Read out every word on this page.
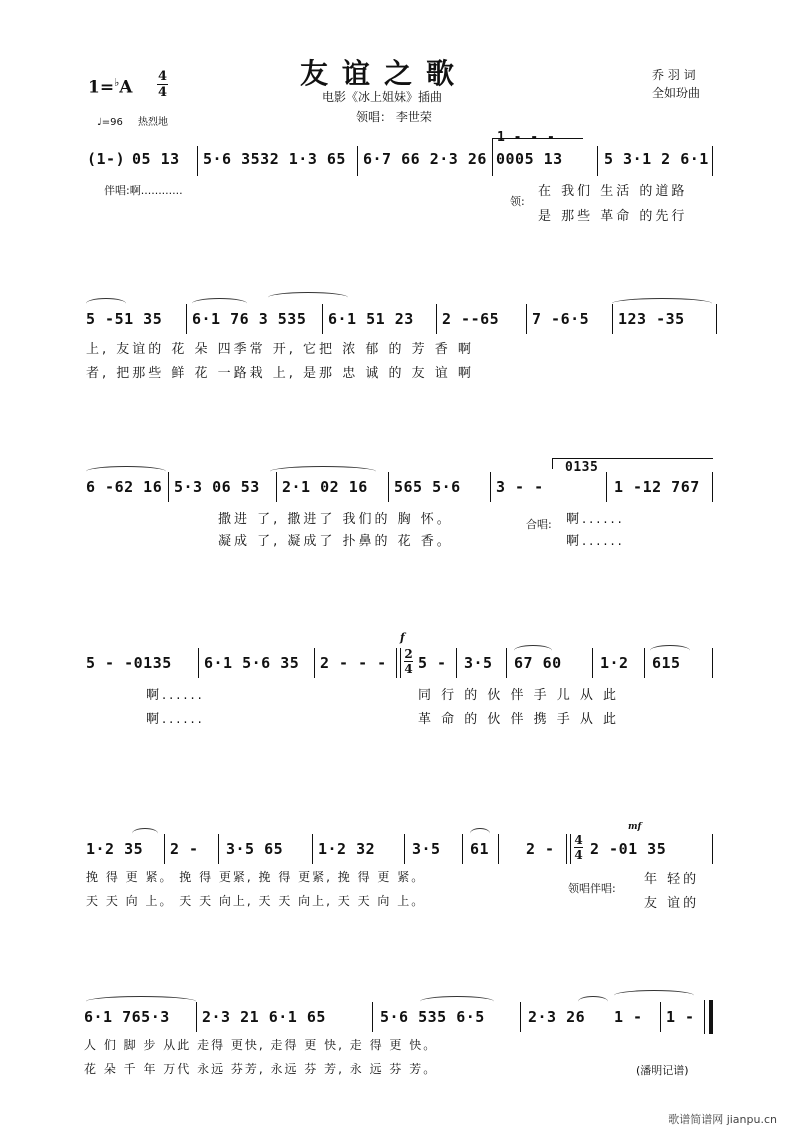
友谊之歌
电影《冰上姐妹》插曲
领唱： 李世荣
乔 羽 词
全如玢曲
1=♭A
4
4
♩=96 热烈地
1 - - -
(1-) 05 13 5·6 3532 1·3 65 6·7 66 2·3 26 0005 13	5 3·1 2 6·1
伴唱:啊............
领:
在 我们 生活 的道路
是 那些 革命 的先行
5 -51 35 6·1 76 3 535 6·1 51 23 2 --65 7 -6·5 123 -35
上, 友谊的 花 朵 四季常 开, 它把 浓 郁 的 芳 香 啊
者, 把那些 鲜 花 一路栽 上, 是那 忠 诚 的 友 谊 啊
0135
6 -62 16 5·3 06 53 2·1 02 16 565 5·6 3 - -	1 -12 767
撒进 了, 撒进了 我们的 胸 怀。
凝成 了, 凝成了 扑鼻的 花 香。
合唱: 啊......
啊......
f
5 - -0135 6·1 5·6 35 2 - - - 2
4 5 - 3·5 67 60	1·2 615
啊......
啊......
同 行 的 伙 伴 手 儿 从 此
革 命 的 伙 伴 携 手 从 此
mf
1·2 35 2 - 3·5 65 1·2 32 3·5 61 2 - 4
4 2 -01 35
挽 得 更 紧。 挽 得 更紧, 挽 得 更紧, 挽 得 更 紧。
天 天 向 上。 天 天 向上, 天 天 向上, 天 天 向 上。
领唱伴唱:
年 轻的
友 谊的
6·1 765·3 2·3 21 6·1 65	5·6 535 6·5	2·3 26 1 - 1 -
人 们 脚 步 从此 走得 更快, 走得 更 快, 走 得 更 快。
花 朵 千 年 万代 永远 芬芳, 永远 芬 芳, 永 远 芬 芳。	(潘明记谱)
歌谱简谱网 jianpu.cn
